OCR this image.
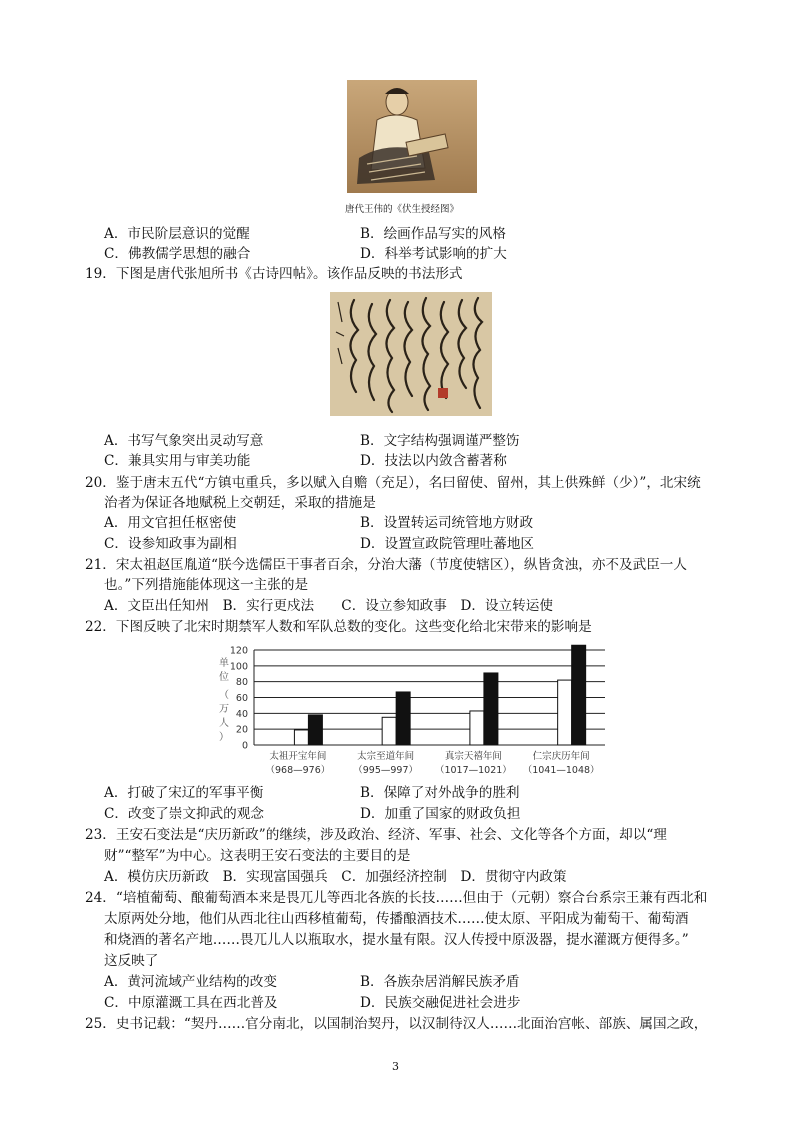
唐代王伟的《伏生授经图》
A．市民阶层意识的觉醒	B．绘画作品写实的风格
C．佛教儒学思想的融合	D．科举考试影响的扩大
19．下图是唐代张旭所书《古诗四帖》。该作品反映的书法形式
A．书写气象突出灵动写意	B．文字结构强调谨严整饬
C．兼具实用与审美功能	D．技法以内敛含蓄著称
20．鉴于唐末五代“方镇屯重兵，多以赋入自赡（充足），名曰留使、留州，其上供殊鲜（少）”，北宋统
治者为保证各地赋税上交朝廷，采取的措施是
A．用文官担任枢密使	B．设置转运司统管地方财政
C．设参知政事为副相	D．设置宣政院管理吐蕃地区
21．宋太祖赵匡胤道“朕今选儒臣干事者百余，分治大藩（节度使辖区），纵皆贪浊，亦不及武臣一人
也。”下列措施能体现这一主张的是
A．文臣出任知州　B．实行更戍法　　C．设立参知政事　D．设立转运使
22．下图反映了北宋时期禁军人数和军队总数的变化。这些变化给北宋带来的影响是
单
位
（
万
人
）
0
20
40
60
80
100
120
太祖开宝年间
（968—976）
太宗至道年间
（995—997）
真宗天禧年间
（1017—1021）
仁宗庆历年间
（1041—1048）
A．打破了宋辽的军事平衡	B．保障了对外战争的胜利
C．改变了崇文抑武的观念	D．加重了国家的财政负担
23．王安石变法是“庆历新政”的继续，涉及政治、经济、军事、社会、文化等各个方面，却以“理
财”“整军”为中心。这表明王安石变法的主要目的是
A．模仿庆历新政　B．实现富国强兵　C．加强经济控制　D．贯彻守内政策
24．“培植葡萄、酿葡萄酒本来是畏兀儿等西北各族的长技……但由于（元朝）察合台系宗王兼有西北和
太原两处分地，他们从西北往山西移植葡萄，传播酿酒技术……使太原、平阳成为葡萄干、葡萄酒
和烧酒的著名产地……畏兀儿人以瓶取水，提水量有限。汉人传授中原汲器，提水灌溉方便得多。”
这反映了
A．黄河流域产业结构的改变	B．各族杂居消解民族矛盾
C．中原灌溉工具在西北普及	D．民族交融促进社会进步
25．史书记载：“契丹……官分南北，以国制治契丹，以汉制待汉人……北面治宫帐、部族、属国之政，
3
